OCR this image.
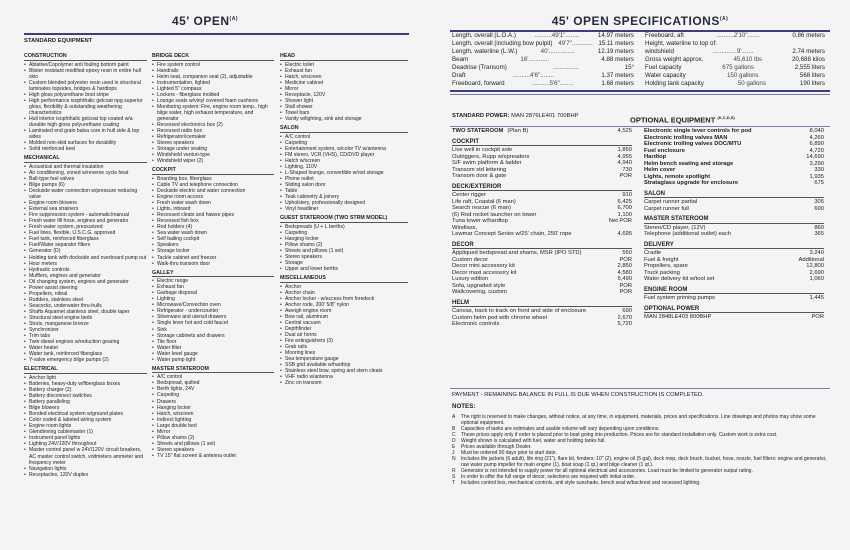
45' $OPEN^{(A)}$
STANDARD EQUIPMENT
CONSTRUCTION
• Ablative/Copolymer anti fouling bottom paint
• Blister resistant modified epoxy resin in entire hull skin
• Custom blended polyester resin used in structural laminates topsides, bridges & hardtops
• High gloss polyurethane boot stripe
• High performance isophthalic gelcoat npg superior gloss, flexibility & outstanding weathering characteristics
• Hull interior isophthalic gelcoat top coated w/a durable high gloss polyurethane coating
• Laminated end grain balsa core in hull side & top sides
• Molded non-skid surfaces for durability
• Solid reinforced keel
MECHANICAL
• Acoustical and thermal insulation
• Air conditioning, zoned w/reverse cycle heat
• Ball-type fuel valves
• Bilge pumps (6)
• Dockside water connection w/pressure reducing valve
• Engine room blowers
• External sea strainers
• Fire suppression system - automatic/manual
• Fresh water fill hose, engines and generator
• Fresh water system, pressurized
• Fuel lines, flexible, U.S.C.G. approved
• Fuel tank, reinforced fiberglass
• Fuel/Water separator filters
• Generator (D)
• Holding tank with dockside and overboard pump out
• Hour meters
• Hydraulic controls
• Mufflers, engines and generator
• Oil changing system, engines and generator
• Power assist steering
• Propellers, nibral
• Rudders, stainless steel
• Seacocks, underwater thru-hulls
• Shafts Aquamet stainless steel, double taper
• Structural steel engine beds
• Struts, manganese bronze
• Synchronizer
• Trim tabs
• Twin diesel engines w/reduction gearing
• Water heater
• Water tank, reinforced fiberglass
• Y-valve emergency bilge pumps (2)
ELECTRICAL
• Anchor light
• Batteries, heavy-duty w/fiberglass boxes
• Battery charger (2)
• Battery disconnect switches
• Battery paralleling
• Bilge blowers
• Bonded electrical system w/ground plates
• Color coded & labeled wiring system
• Engine room lights
• Glendinning cablemaster (1)
• Instrument panel lights
• Lighting 24V/120V throughout
• Master control panel w 24V/120V circuit breakers, AC master control switch, voltmeters ammeter and frequency meter
• Navigation lights
• Receptacles, 120V duplex
BRIDGE DECK
• Fire system control
• Handrails
• Helm seat, companion seat (2), adjustable
• Instrumentation, lighted
• Lighted 5" compass
• Lockers - fiberglass molded
• Lounge seats w/vinyl covered foam cushions
• Monitoring system: Fire, engine room temp., high bilge water, high exhaust temperature, and generator
• Recessed electronics box (2)
• Recessed radio box
• Refrigerator/icemaker
• Stereo speakers
• Storage under seating
• Windshield venturi-type
• Windshield wiper (2)
COCKPIT
• Boarding box, fiberglass
• Cable TV and telephone connection
• Dockside electric and water connection
• Engine room access
• Fresh water wash down
• Lights, inboard
• Recessed cleats and hawse pipes
• Recessed fish box
• Rod holders (4)
• Sea water wash down
• Self bailing cockpit
• Speakers
• Storage locker
• Tackle cabinet and freezer
• Walk-thru transom door
GALLEY
• Electric range
• Exhaust fan
• Garbage disposal
• Lighting
• Microwave/Convection oven
• Refrigerator - undercounter
• Silverware and utensil drawers
• Single lever hot and cold faucet
• Sink
• Storage cabinets and drawers
• Tile floor
• Water filter
• Water level gauge
• Water pump light
MASTER STATEROOM
• A/C control
• Bedspread, quilted
• Berth lights, 24V
• Carpeting
• Drawers
• Hanging locker
• Hatch, w/screen
• Indirect lighting
• Large double bed
• Mirror
• Pillow shams (2)
• Sheets and pillows (1 set)
• Stereo speakers
• TV 15" flat screen & antenna outlet
HEAD
• Electric toilet
• Exhaust fan
• Hatch, w/screen
• Medicine cabinet
• Mirror
• Receptacle, 120V
• Shower light
• Stall shower
• Towel bars
• Vanity w/lighting, sink and storage
SALON
• A/C control
• Carpeting
• Entertainment system, w/color TV w/antenna
• FM stereo, VCR (VHS), CD/DVD player
• Hatch w/screen
• Lighting, 110V
• L-Shaped lounge, convertible w/rod storage
• Phone outlet
• Sliding salon door
• Table
• Teak cabinetry & joinery
• Upholstery, professionally designed
• Vinyl headliner
GUEST STATEROOM (TWO STRM MODEL)
• Bedspreads (U + L berths)
• Carpeting
• Hanging locker
• Pillow shams (2)
• Sheets and pillows (1 set)
• Stereo speakers
• Storage
• Upper and lower berths
MISCELLANEOUS
• Anchor
• Anchor chain
• Anchor locker - w/access from foredeck
• Anchor rode, 200' 5/8" nylon
• Aweigh engine room
• Bow rail, aluminum
• Central vacuum
• Depthfinder
• Dual air horns
• Fire extinguishers (3)
• Grab rails
• Mooring lines
• Sea temperature gauge
• SSB grid available w/hardtop
• Stainless steel bow, spring and stern cleats
• VHF radio w/antenna
• Zinc on transom
45' OPEN $SPECIFICATIONS^{(A)}$
Length, overall (L.O.A.)	..........49'1"........	14.97 meters
Length, overall (including bow pulpit) 49'7"............ 15.11 meters
Length, waterline (L.W.)	40'...............	12.19 meters
Beam	16'............	4.88 meters
Deadrise (Transom)	...............	15°
Draft	..........4'6"........	1.37 meters
Freeboard, forward	..........5'6"........	1.68 meters
Freeboard, aft	..........2'10".......	0.86 meters
Height, waterline to top of:
windshield	..............9'.......	2.74 meters
Gross weight approx.	45,610 lbs	20,688 kilos
Fuel capacity	675 gallons	2,555 liters
Water capacity	150 gallons	568 liters
Holding tank capacity	50 gallons	190 liters
STANDARD POWER: MAN 2876LE401 700BHP	OPTIONAL EQUIPMENT $^{(K,C,D,S)}$
TWO STATEROOM (Plan B)	4,525
COCKPIT
Live well in cockpit sole	1,850
Outriggers, Rupp w/spreaders	4,955
S/F swim platform & ladder	4,940
Transom std lettering	730
Transom door & gate	POR
DECK/EXTERIOR
Center rigger	910
Life raft, Coastal (6 man)	6,425
Search rescue (6 man)	6,700
(6) Rod rocket launcher on tower	1,100
Tuna tower w/hardtop	Net POR
Windlass,
Lewmar Concept Series w/25' chain, 250' rope	4,695
DECOR
Appliqued bedspread and shams, MSR (IPO STD)	550
Custom decor	POR
Decor mini accessory kit	2,850
Decor maxi accessory kit	4,580
Luxury edition	5,490
Sofa, upgraded style	POR
Wallcovering, custom	POR
HELM
Canvas, track to track on front and side of enclosure	690
Custom helm pod with chrome wheel	2,670
Electronic controls	5,720
Electronic single lever controls for pod	8,040
Electronic trolling valves MAN	4,260
Electronic trolling valves DOC/MTU	6,890
Fuel enclosure	4,720
Hardtop	14,690
Helm bench seating and storage	3,290
Helm cover	330
Lights, remote spotlight	1,935
Strataglass upgrade for enclosure	675
SALON
Carpet runner partial	305
Carpet runner full	690
MASTER STATEROOM
Stereo/CD player, (12V)	860
Telephone (additional outlet) each	365
DELIVERY
Cradle	3,240
Fuel & freight	Additional
Propellers, spare	12,800
Truck packing	2,690
Water delivery kit w/tool set	1,060
ENGINE ROOM
Fuel system priming pumps	1,445
OPTIONAL POWER
MAN 2848LE403 800BHP	POR
PAYMENT - REMAINING BALANCE IN FULL IS DUE WHEN CONSTRUCTION IS COMPLETED.
NOTES:
A	The right is reserved to make changes, without notice, at any time, in equipment, materials, prices and specifications. Line drawings and photos may show some optional equipment.
B	Capacities of tanks are estimates and usable volume will vary depending upon conditions.
C	These prices apply only if order is placed prior to boat going into production. Prices are for standard installation only. Custom work is extra cost.
D	Weight shown is calculated with fuel, water and holding tanks full.
E	Prices available through Dealer.
J	Must be ordered 90 days prior to start date.
N	Includes life jackets (6 adult), life ring (21"), flare kit, fenders: 10" (2), engine oil (5 gal), deck mop, deck brush, bucket, hose, nozzle, fuel filters: engine and generator, raw water pump impeller for main engine (1), boat soap (1 qt.) and bilge cleaner (1 qt.).
R	Generator is not intended to supply power for all optional electrical and accessories. Load must be limited to generator output rating.
S	In order to offer the full range of decor, selections are required with initial order.
T	Includes control box, mechanical controls, anti style sunshade, bench seat w/backrest and recessed lighting.
